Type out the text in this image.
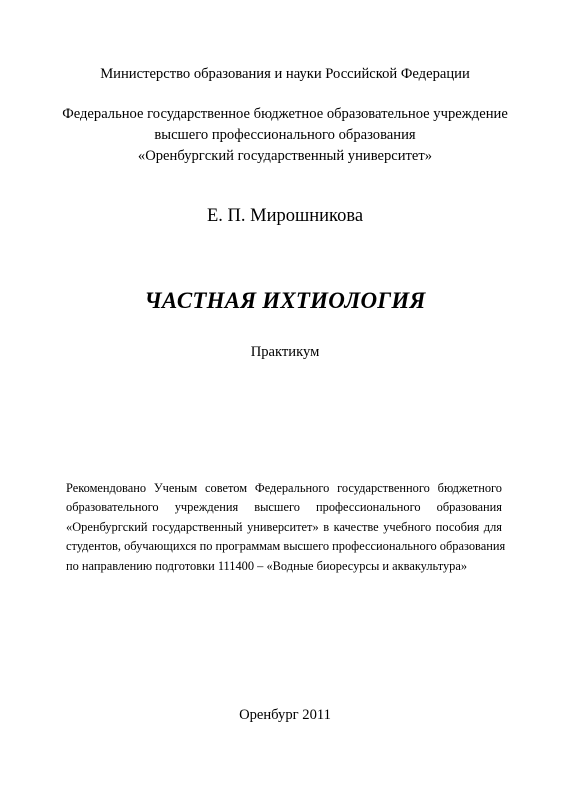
Министерство образования и науки Российской Федерации
Федеральное государственное бюджетное образовательное учреждение
высшего профессионального образования
«Оренбургский государственный университет»
Е. П. Мирошникова
ЧАСТНАЯ ИХТИОЛОГИЯ
Практикум
Рекомендовано Ученым советом Федерального государственного бюджетного
образовательного учреждения высшего профессионального образования
«Оренбургский государственный университет» в качестве учебного пособия для
студентов, обучающихся по программам высшего профессионального образования
по направлению подготовки 111400 – «Водные биоресурсы и аквакультура»
Оренбург 2011
